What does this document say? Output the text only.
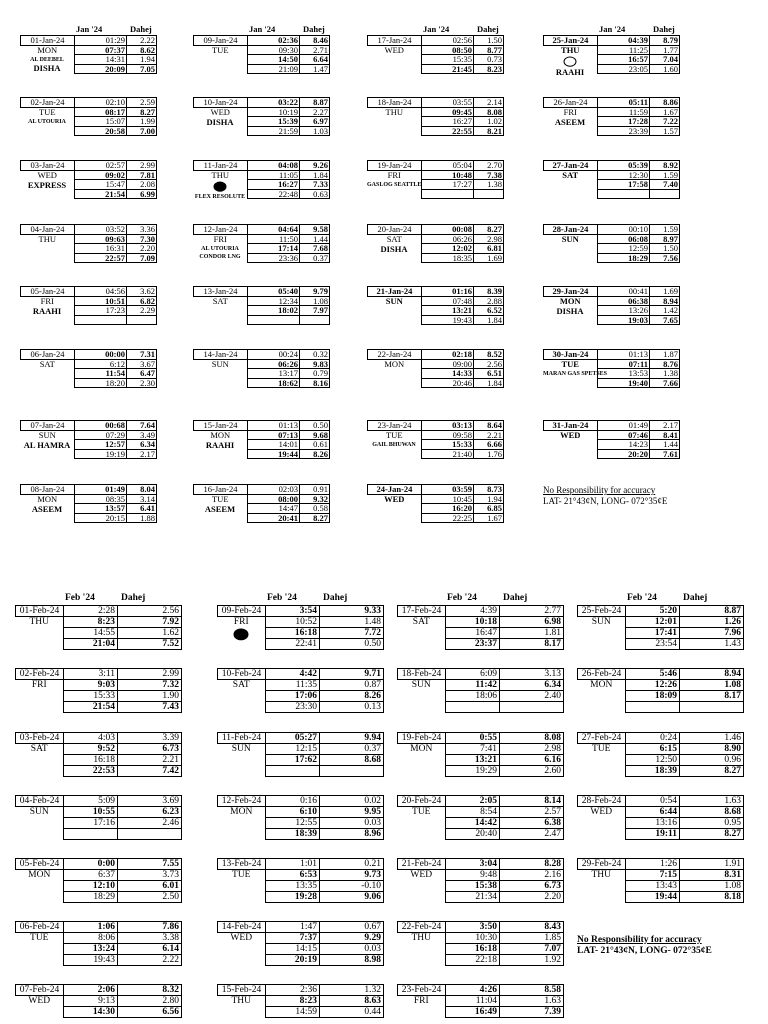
Jan '24	Dahej	Jan '24	Dahej	Jan '24	Dahej	Jan '24	Dahej
01-Jan-24	01:29	2.22
MON	07:37	8.62
	14:31	1.94
	20:09	7.05
AL DEEBEL
DISHA
02-Jan-24	02:10	2.59
TUE	08:17	8.27
	15:07	1.99
	20:58	7.00
AL UTOURIA
03-Jan-24	02:57	2.99
WED	09:02	7.81
	15:47	2.08
	21:54	6.99
EXPRESS
04-Jan-24	03:52	3.36
THU	09:63	7.30
	16:31	2.20
	22:57	7.09
05-Jan-24	04:56	3.62
FRI	10:51	6.82
	17:23	2.29

RAAHI
06-Jan-24	00:00	7.31
SAT	6:12	3.67
	11:54	6.47
	18:20	2.30
07-Jan-24	00:68	7.64
SUN	07:29	3.49
	12:57	6.34
	19:19	2.17
AL HAMRA
08-Jan-24	01:49	8.04
MON	08:35	3.14
	13:57	6.41
	20:15	1.88
ASEEM
09-Jan-24	02:36	8.46
TUE	09:30	2.71
	14:50	6.64
	21:09	1.47
10-Jan-24	03:22	8.87
WED	10:19	2.27
	15:39	6.97
	21:59	1.03
DISHA
11-Jan-24	04:08	9.26
THU	11:05	1.84
	16:27	7.33
	22:48	0.63
FLEX RESOLUTE
12-Jan-24	04:64	9.58
FRI	11:50	1.44
	17:14	7.68
	23:36	0.37
AL UTOURIA
CONDOR LNG
13-Jan-24	05:40	9.79
SAT	12:34	1.08
	18:02	7.97

14-Jan-24	00:24	0.32
SUN	06:26	9.83
	13:17	0.79
	18:62	8.16
15-Jan-24	01:13	0.50
MON	07:13	9.68
	14:01	0.61
	19:44	8.26
RAAHI
16-Jan-24	02:03	0.91
TUE	08:00	9.32
	14:47	0.58
	20:41	8.27
ASEEM
17-Jan-24	02:56	1.50
WED	08:50	8.77
	15:35	0.73
	21:45	8.23
18-Jan-24	03:55	2.14
THU	09:45	8.08
	16:27	1.02
	22:55	8.21
19-Jan-24	05:04	2.70
FRI	10:48	7.38
	17:27	1.38

GASLOG SEATTLE
20-Jan-24	00:08	8.27
SAT	06:26	2.98
	12:02	6.81
	18:35	1.69
DISHA
21-Jan-24	01:16	8.39
SUN	07:48	2.88
	13:21	6.52
	19:43	1.84
22-Jan-24	02:18	8.52
MON	09:00	2.56
	14:33	6.51
	20:46	1.84
23-Jan-24	03:13	8.64
TUE	09:58	2.21
	15:33	6.66
	21:40	1.76
GAIL BHUWAN
24-Jan-24	03:59	8.73
WED	10:45	1.94
	16:20	6.85
	22:25	1.67
25-Jan-24	04:39	8.79
THU	11:25	1.77
	16:57	7.04
	23:05	1.60
RAAHI
26-Jan-24	05:11	8.86
FRI	11:59	1.67
	17:28	7.22
	23:39	1.57
ASEEM
27-Jan-24	05:39	8.92
SAT	12:30	1.59
	17:58	7.40

28-Jan-24	00:10	1.59
SUN	06:08	8.97
	12:59	1.50
	18:29	7.56
29-Jan-24	00:41	1.69
MON	06:38	8.94
	13:26	1.42
	19:03	7.65
DISHA
30-Jan-24	01:13	1.87
TUE	07:11	8.76
	13:53	1.38
	19:40	7.66
MARAN GAS SPETSES
31-Jan-24	01:49	2.17
WED	07:46	8.41
	14:23	1.44
	20:20	7.61
No Responsibility for accuracy
LAT- 21°43¢N, LONG- 072°35¢E
Feb '24	Dahej	Feb '24	Dahej	Feb '24	Dahej	Feb '24	Dahej
01-Feb-24	2:28	2.56
THU	8:23	7.92
	14:55	1.62
	21:04	7.52
02-Feb-24	3:11	2.99
FRI	9:03	7.32
	15:33	1.90
	21:54	7.43
03-Feb-24	4:03	3.39
SAT	9:52	6.73
	16:18	2.21
	22:53	7.42
04-Feb-24	5:09	3.69
SUN	10:55	6.23
	17:16	2.46

05-Feb-24	0:00	7.55
MON	6:37	3.73
	12:10	6.01
	18:29	2.50
06-Feb-24	1:06	7.86
TUE	8:06	3.38
	13:24	6.14
	19:43	2.22
07-Feb-24	2:06	8.32
WED	9:13	2.80
	14:30	6.56
09-Feb-24	3:54	9.33
FRI	10:52	1.48
	16:18	7.72
	22:41	0.50
10-Feb-24	4:42	9.71
SAT	11:35	0.87
	17:06	8.26
	23:30	0.13
11-Feb-24	05:27	9.94
SUN	12:15	0.37
	17:62	8.68

12-Feb-24	0:16	0.02
MON	6:10	9.95
	12:55	0.03
	18:39	8.96
13-Feb-24	1:01	0.21
TUE	6:53	9.73
	13:35	-0.10
	19:28	9.06
14-Feb-24	1:47	0.67
WED	7:37	9.29
	14:15	0.03
	20:19	8.98
15-Feb-24	2:36	1.32
THU	8:23	8.63
	14:59	0.44
17-Feb-24	4:39	2.77
SAT	10:18	6.98
	16:47	1.81
	23:37	8.17
18-Feb-24	6:09	3.13
SUN	11:42	6.34
	18:06	2.40

19-Feb-24	0:55	8.08
MON	7:41	2.98
	13:21	6.16
	19:29	2.60
20-Feb-24	2:05	8.14
TUE	8:54	2.57
	14:42	6.38
	20:40	2.47
21-Feb-24	3:04	8.28
WED	9:48	2.16
	15:38	6.73
	21:34	2.20
22-Feb-24	3:50	8.43
THU	10:30	1.85
	16:18	7.07
	22:18	1.92
23-Feb-24	4:26	8.58
FRI	11:04	1.63
	16:49	7.39
25-Feb-24	5:20	8.87
SUN	12:01	1.26
	17:41	7.96
	23:54	1.43
26-Feb-24	5:46	8.94
MON	12:26	1.08
	18:09	8.17

27-Feb-24	0:24	1.46
TUE	6:15	8.90
	12:50	0.96
	18:39	8.27
28-Feb-24	0:54	1.63
WED	6:44	8.68
	13:16	0.95
	19:11	8.27
29-Feb-24	1:26	1.91
THU	7:15	8.31
	13:43	1.08
	19:44	8.18
No Responsibility for accuracy
LAT- 21°43¢N, LONG- 072°35¢E
